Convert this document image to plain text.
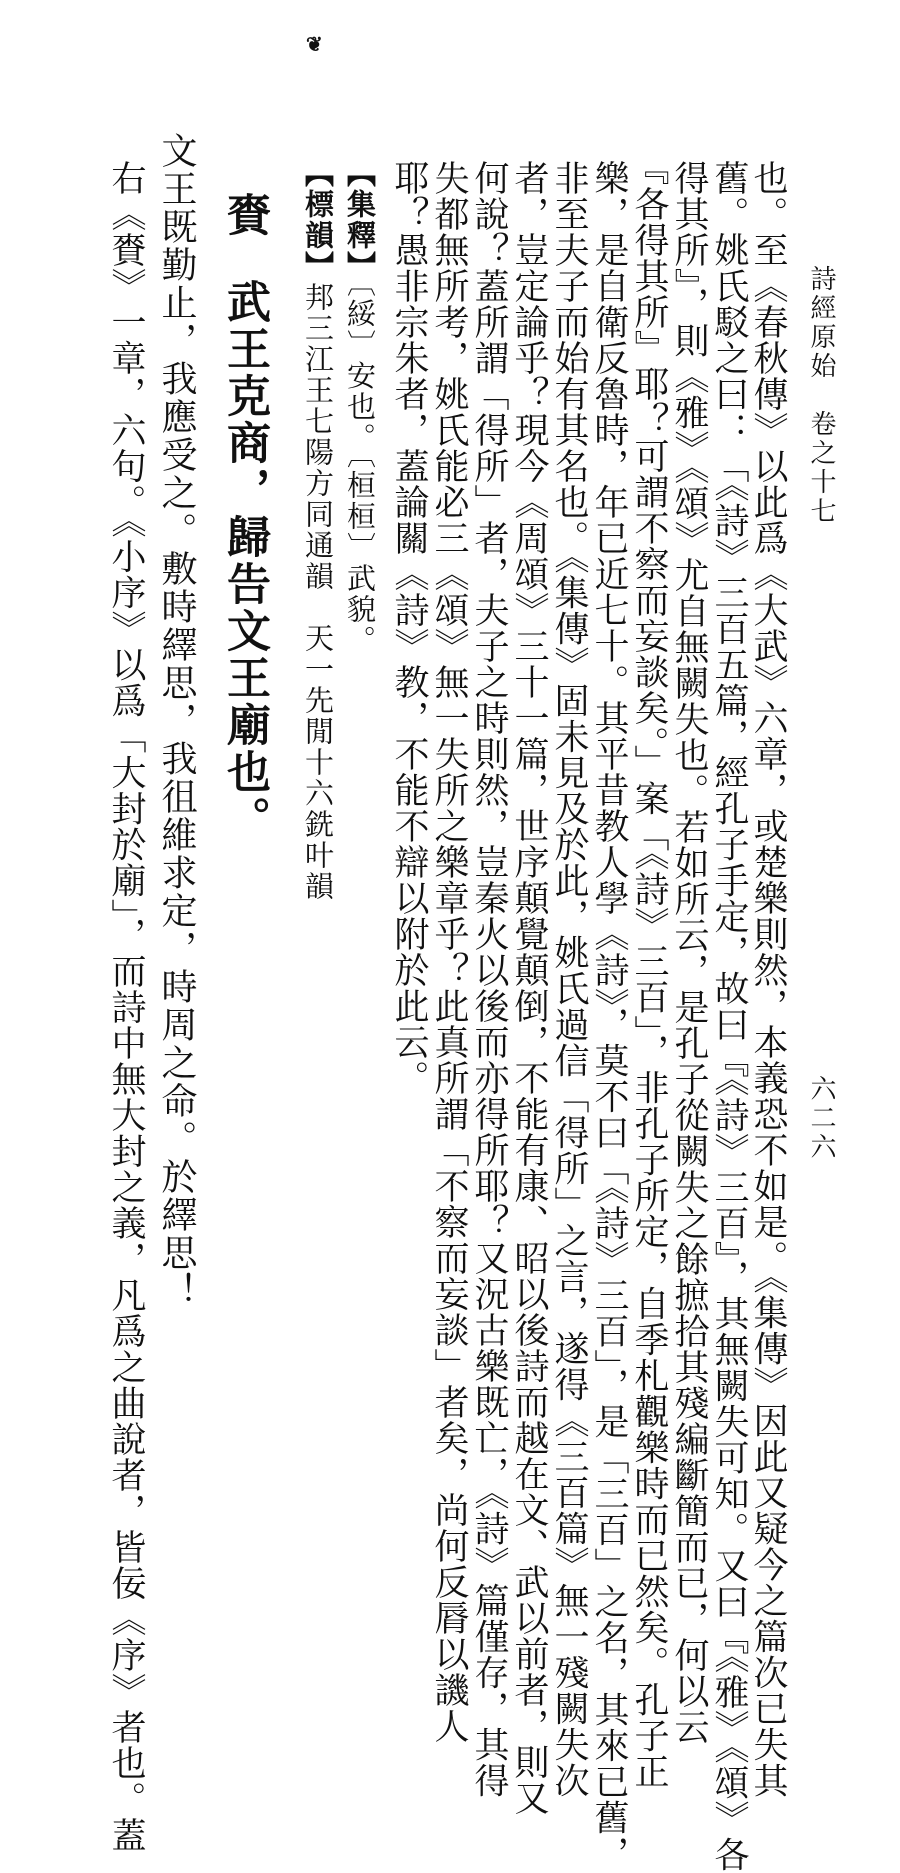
詩經原始　卷之十七
六二六
❦
也。至《春秋傳》以此爲《大武》六章，或楚樂則然，本義恐不如是。《集傳》因此又疑今之篇次已失其
舊。姚氏駁之曰：「《詩》三百五篇，經孔子手定，故曰『《詩》三百』，其無闕失可知。又曰『《雅》《頌》各
得其所』，則《雅》《頌》尤自無闕失也。若如所云，是孔子從闕失之餘摭拾其殘編斷簡而已，何以云
『各得其所』耶？可謂不察而妄談矣。」案「《詩》三百」，非孔子所定，自季札觀樂時而已然矣。孔子正
樂，是自衛反魯時，年已近七十。其平昔教人學《詩》，莫不曰「《詩》三百」，是「三百」之名，其來已舊，
非至夫子而始有其名也。《集傳》固未見及於此，姚氏過信「得所」之言，遂得《三百篇》無一殘闕失次
者，豈定論乎？現今《周頌》三十一篇，世序顛覺顛倒，不能有康、昭以後詩而越在文、武以前者，則又
何說？蓋所謂「得所」者，夫子之時則然，豈秦火以後而亦得所耶？又況古樂既亡，《詩》篇僅存，其得
失都無所考，姚氏能必三《頌》無一失所之樂章乎？此真所謂「不察而妄談」者矣，尚何反脣以譏人
耶？愚非宗朱者，蓋論關《詩》教，不能不辯以附於此云。
【集釋】〔綏〕安也。〔桓桓〕武貌。
【標韻】邦三江王七陽方同通韻　天一先閒十六銑叶韻
賚武王克商，歸告文王廟也。
文王既勤止，我應受之。敷時繹思，我徂維求定，時周之命。於繹思！
右《賚》一章，六句。《小序》以爲「大封於廟」，而詩中無大封之義，凡爲之曲說者，皆佞《序》者也。蓋
